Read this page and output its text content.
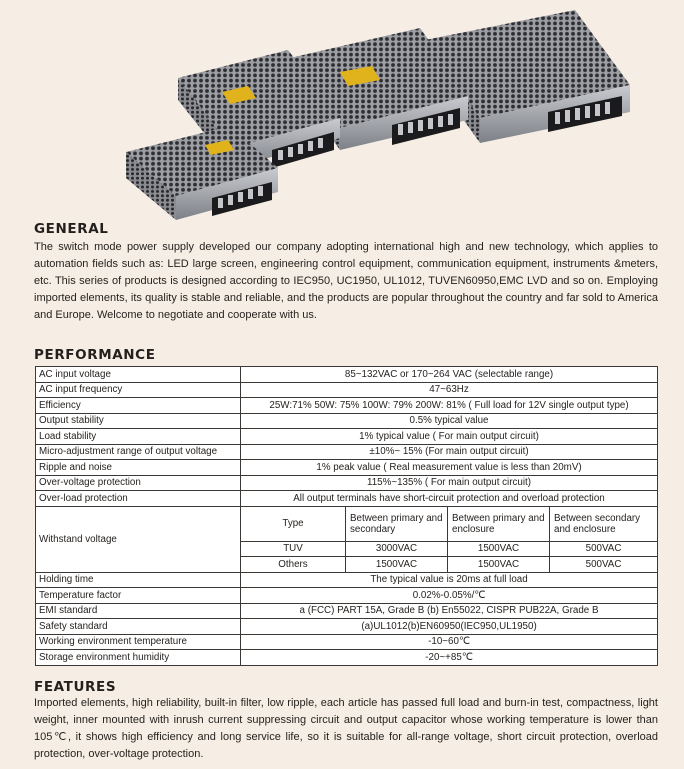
GENERAL

The switch mode power supply developed our company adopting international high and new technology, which applies to automation fields such as: LED large screen, engineering control equipment, communication equipment, instruments &meters, etc. This series of products is designed according to IEC950, UC1950, UL1012, TUVEN60950,EMC LVD and so on. Employing imported elements, its quality is stable and reliable, and the products are popular throughout the country and far sold to America and Europe. Welcome to negotiate and cooperate with us.

PERFORMANCE
AC input voltage	85~132VAC or 170~264 VAC (selectable range)			
AC input frequency	47~63Hz			
Efficiency	25W:71% 50W: 75% 100W: 79% 200W: 81% ( Full load for 12V single output type)			
Output stability	0.5% typical value			
Load stability	1% typical value ( For main output circuit)			
Micro-adjustment range of output voltage	±10%~ 15% (For main output circuit)			
Ripple and noise	1% peak value ( Real measurement value is less than 20mV)			
Over-voltage protection	115%~135% ( For main output circuit)			
Over-load protection	All output terminals have short-circuit protection and overload protection			
Withstand voltage	Type	Between primary and secondary	Between primary and enclosure	Between secondary and enclosure
	TUV	3000VAC	1500VAC	500VAC
	Others	1500VAC	1500VAC	500VAC
Holding time	The typical value is 20ms at full load			
Temperature factor	0.02%-0.05%/℃			
EMI standard	a (FCC) PART 15A, Grade B (b) En55022, CISPR PUB22A, Grade B			
Safety standard	(a)UL1012(b)EN60950(IEC950,UL1950)			
Working environment temperature	-10~60℃			
Storage environment humidity	-20~+85℃			
FEATURES

Imported elements, high reliability, built-in filter, low ripple, each article has passed full load and burn-in test, compactness, light weight, inner mounted with inrush current suppressing circuit and output capacitor whose working temperature is lower than 105℃, it shows high efficiency and long service life, so it is suitable for all-range voltage, short circuit protection, overload protection, over-voltage protection.
